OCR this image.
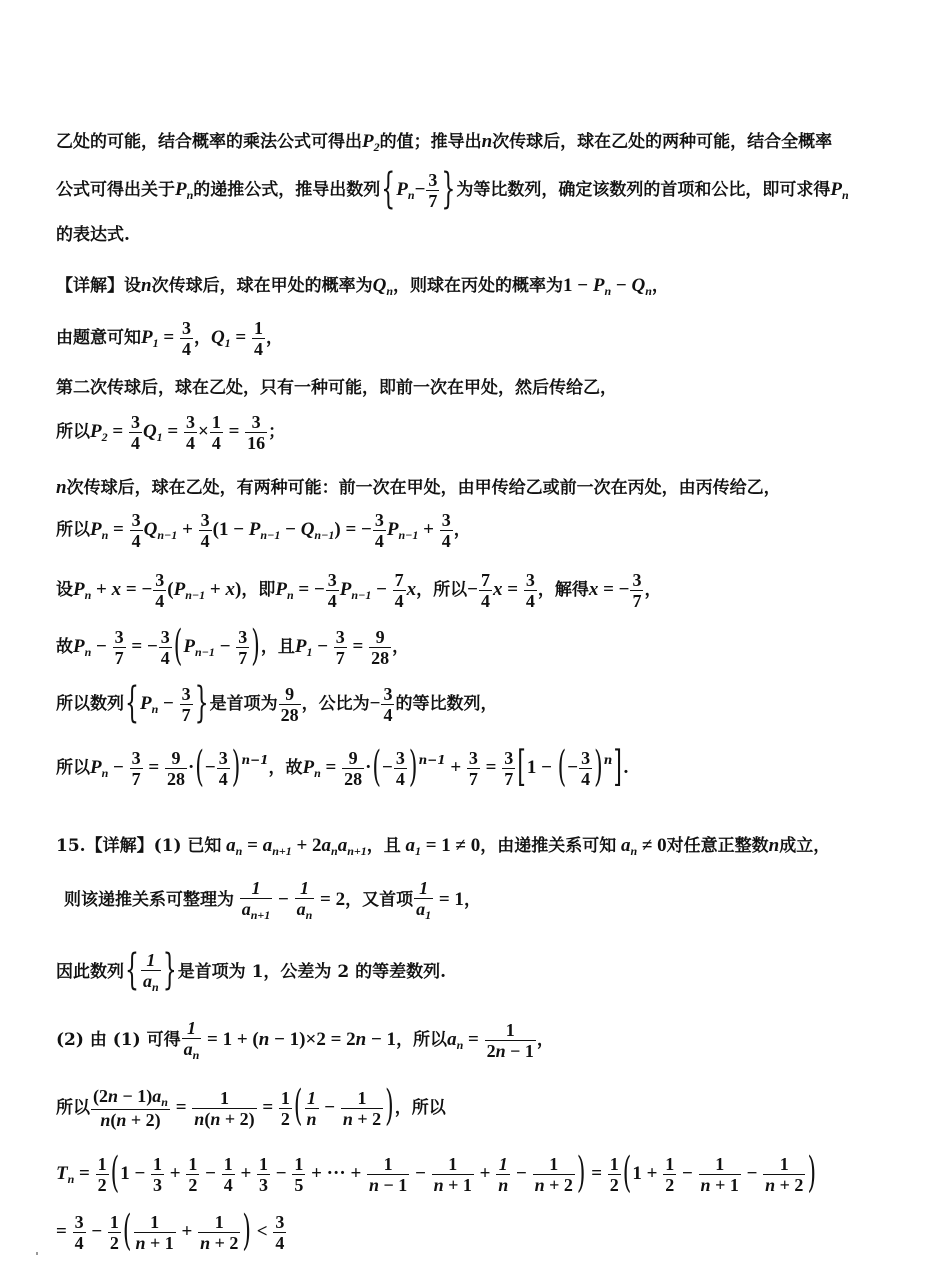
乙处的可能，结合概率的乘法公式可得出$P_2$的值；推导出n次传球后，球在乙处的两种可能，结合全概率
公式可得出关于$P_n$的递推公式，推导出数列{$P_n- \frac{3}{7}$ }为等比数列，确定该数列的首项和公比，即可求得$P_n$
的表达式.
【详解】设n次传球后，球在甲处的概率为$Q_n$，则球在丙处的概率为$1 - P_n - Q_n$，
由题意可知$P_1 = \frac{3}{4}$ ，$Q_1 = \frac{1}{4}$ ，
第二次传球后，球在乙处，只有一种可能，即前一次在甲处，然后传给乙，
所以$P_2 = \frac{3}{4} Q_1 = \frac{3}{4} \times \frac{1}{4} = \frac{3}{16}$ ；
n次传球后，球在乙处，有两种可能：前一次在甲处，由甲传给乙或前一次在丙处，由丙传给乙，
所以$P_n = \frac{3}{4} Q_{n-1} + \frac{3}{4} (1 - P_{n-1} - Q_{n-1})$ = − $\frac{3}{4} P_{n-1} + \frac{3}{4}$ ，
设$P_n + x$ = − $\frac{3}{4} (P_{n-1} + x)$，即$P_n$ = − $\frac{3}{4} P_{n-1} - \frac{7}{4}$ x，所以− $\frac{7}{4}$ $x = \frac{3}{4}$ ，解得x = − $\frac{3}{7}$ ，
故$P_n - \frac{3}{7}$ = − $\frac{3}{4} (P_{n-1} - \frac{3}{7}$ )，且$P_1 - \frac{3}{7} = \frac{9}{28}$ ，
所以数列{$P_n - \frac{3}{7}$ }是首项为 $\frac{9}{28}$ ，公比为− $\frac{3}{4}$ 的等比数列，
所以$P_n - \frac{3}{7} = \frac{9}{28}$ ·(− $\frac{3}{4} )^{n-1}$，故$P_n = \frac{9}{28}$ ·(− $\frac{3}{4} )^{n-1} + \frac{3}{7} = \frac{3}{7} [1$ − (− $\frac{3}{4} )^n$].
15.【详解】(1) 已知 $a_n = a_{n+1} + 2a_na_{n+1}$，且 $a_1 = 1 \ne 0$，由递推关系可知 $a_n \ne 0$对任意正整数n成立，
则该递推关系可整理为 $\frac{1}{a_{n+1}} - \frac{1}{a_n} = 2$，又首项 $\frac{1}{a_1} = 1$，
因此数列{ $\frac{1}{a_n}$ }是首项为 1，公差为 2 的等差数列.
(2) 由 (1) 可得 $\frac{1}{a_n} = 1 + (n - 1)\times 2 = 2n - 1$，所以$a_n = \frac{1}{2n - 1}$ ，
所以 $\frac{(2n - 1)a_n}{n(n + 2)} = \frac{1}{n(n + 2)} = \frac{1}{2}$ ( $\frac{1}{n} - \frac{1}{n + 2}$ )，所以
$T_n = \frac{1}{2} (1 - \frac{1}{3} + \frac{1}{2} - \frac{1}{4} + \frac{1}{3} - \frac{1}{5}$ + ··· + $\frac{1}{n - 1} - \frac{1}{n + 1} + \frac{1}{n} - \frac{1}{n + 2}$ ) = $\frac{1}{2} (1 + \frac{1}{2} - \frac{1}{n + 1} - \frac{1}{n + 2}$ )
= $\frac{3}{4} - \frac{1}{2}$ ( $\frac{1}{n + 1} + \frac{1}{n + 2}$ ) < $\frac{3}{4}$
